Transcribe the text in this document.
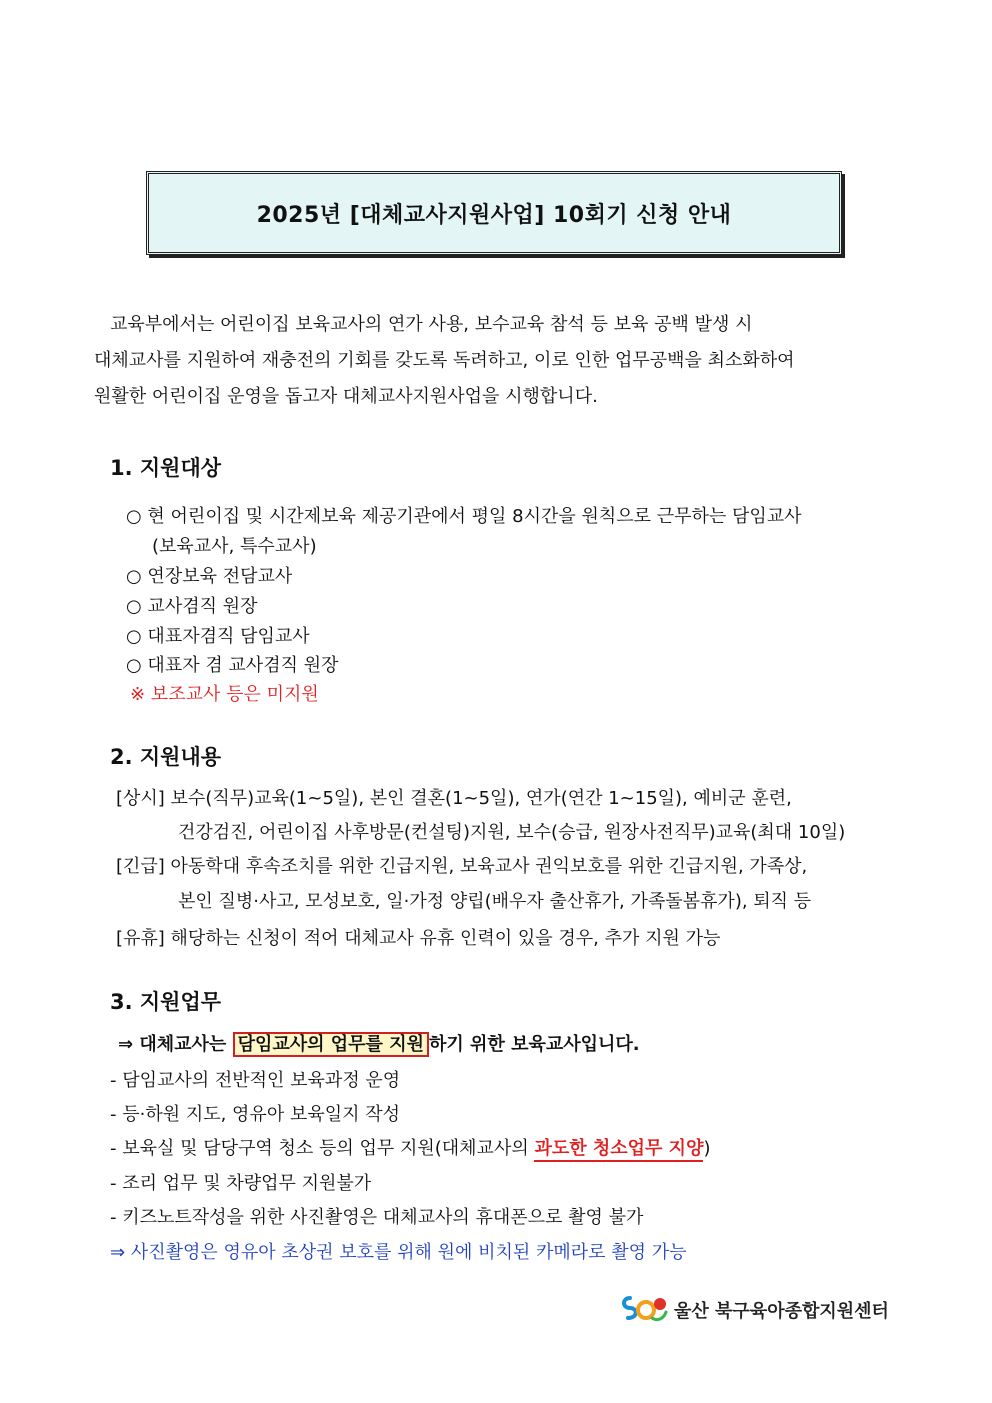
2025년 [대체교사지원사업] 10회기 신청 안내
교육부에서는 어린이집 보육교사의 연가 사용, 보수교육 참석 등 보육 공백 발생 시
대체교사를 지원하여 재충전의 기회를 갖도록 독려하고, 이로 인한 업무공백을 최소화하여
원활한 어린이집 운영을 돕고자 대체교사지원사업을 시행합니다.
1. 지원대상
○ 현 어린이집 및 시간제보육 제공기관에서 평일 8시간을 원칙으로 근무하는 담임교사
(보육교사, 특수교사)
○ 연장보육 전담교사
○ 교사겸직 원장
○ 대표자겸직 담임교사
○ 대표자 겸 교사겸직 원장
※ 보조교사 등은 미지원
2. 지원내용
[상시] 보수(직무)교육(1~5일), 본인 결혼(1~5일), 연가(연간 1~15일), 예비군 훈련,
건강검진, 어린이집 사후방문(컨설팅)지원, 보수(승급, 원장사전직무)교육(최대 10일)
[긴급] 아동학대 후속조치를 위한 긴급지원, 보육교사 권익보호를 위한 긴급지원, 가족상,
본인 질병·사고, 모성보호, 일·가정 양립(배우자 출산휴가, 가족돌봄휴가), 퇴직 등
[유휴] 해당하는 신청이 적어 대체교사 유휴 인력이 있을 경우, 추가 지원 가능
3. 지원업무
⇒ 대체교사는 담임교사의 업무를 지원 하기 위한 보육교사입니다.
- 담임교사의 전반적인 보육과정 운영
- 등·하원 지도, 영유아 보육일지 작성
- 보육실 및 담당구역 청소 등의 업무 지원(대체교사의 과도한 청소업무 지양)
- 조리 업무 및 차량업무 지원불가
- 키즈노트작성을 위한 사진촬영은 대체교사의 휴대폰으로 촬영 불가
⇒ 사진촬영은 영유아 초상권 보호를 위해 원에 비치된 카메라로 촬영 가능
울산 북구육아종합지원센터
